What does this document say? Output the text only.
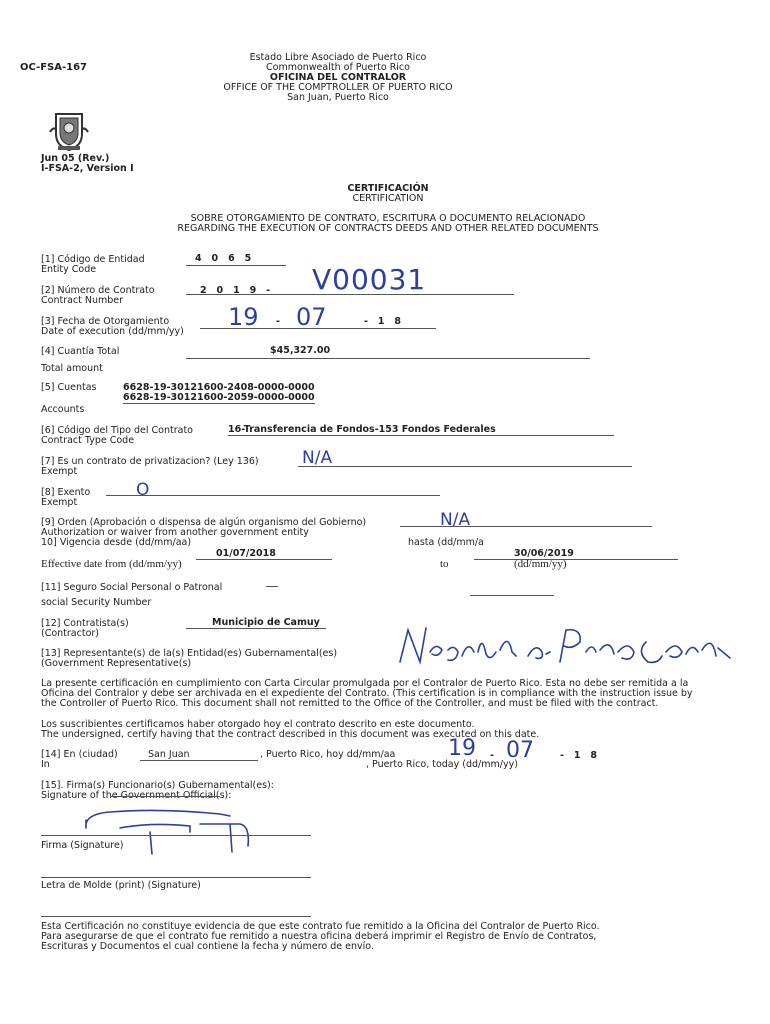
OC-FSA-167
Estado Libre Asociado de Puerto Rico
Commonwealth of Puerto Rico
OFICINA DEL CONTRALOR
OFFICE OF THE COMPTROLLER OF PUERTO RICO
San Juan, Puerto Rico
Jun 05 (Rev.)
I-FSA-2, Version I
CERTIFICACIÓN
CERTIFICATION
SOBRE OTORGAMIENTO DE CONTRATO, ESCRITURA O DOCUMENTO RELACIONADO
REGARDING THE EXECUTION OF CONTRACTS DEEDS AND OTHER RELATED DOCUMENTS
[1] Código de Entidad
Entity Code
4   0   6   5
[2] Número de Contrato
Contract Number
2   0   1   9   - V00031
[3] Fecha de Otorgamiento
Date of execution (dd/mm/yy)
19 - 07	-   1   8
[4] Cuantía Total	$45,327.00
Total amount
[5] Cuentas	6628-19-30121600-2408-0000-0000
6628-19-30121600-2059-0000-0000
Accounts
[6] Código del Tipo del Contrato
Contract Type Code
16-Transferencia de Fondos-153 Fondos Federales
[7] Es un contrato de privatizacion? (Ley 136)
Exempt
N/A
[8] Exento
Exempt
O
[9] Orden (Aprobación o dispensa de algún organismo del Gobierno)
Authorization or waiver from another government entity
N/A
10] Vigencia desde (dd/mm/aa)	hasta (dd/mm/a
01/07/2018	30/06/2019
Effective date from (dd/mm/yy)	to	(dd/mm/yy)
[11] Seguro Social Personal o Patronal
social Security Number
[12] Contratista(s)
(Contractor)
Municipio de Camuy
[13] Representante(s) de la(s) Entidad(es) Gubernamental(es)
(Government Representative(s)
La presente certificación en cumplimiento con Carta Circular promulgada por el Contralor de Puerto Rico. Esta no debe ser remitida a la
Oficina del Contralor y debe ser archivada en el expediente del Contrato. (This certification is in compliance with the instruction issue by
the Controller of Puerto Rico. This document shall not remitted to the Office of the Controller, and must be filed with the contract.
Los suscribientes certificamos haber otorgado hoy el contrato descrito en este documento.
The undersigned, certify having that the contract described in this document was executed on this date.
[14] En (ciudad)	San Juan	, Puerto Rico, hoy dd/mm/aa
In	, Puerto Rico, today (dd/mm/yy)
19 - 07	-   1   8
[15]. Firma(s) Funcionario(s) Gubernamental(es):
Signature of the Government Official(s):
Firma (Signature)
Letra de Molde (print) (Signature)
Esta Certificación no constituye evidencia de que este contrato fue remitido a la Oficina del Contralor de Puerto Rico.
Para asegurarse de que el contrato fue remitido a nuestra oficina deberá imprimir el Registro de Envío de Contratos,
Escrituras y Documentos el cual contiene la fecha y número de envío.
